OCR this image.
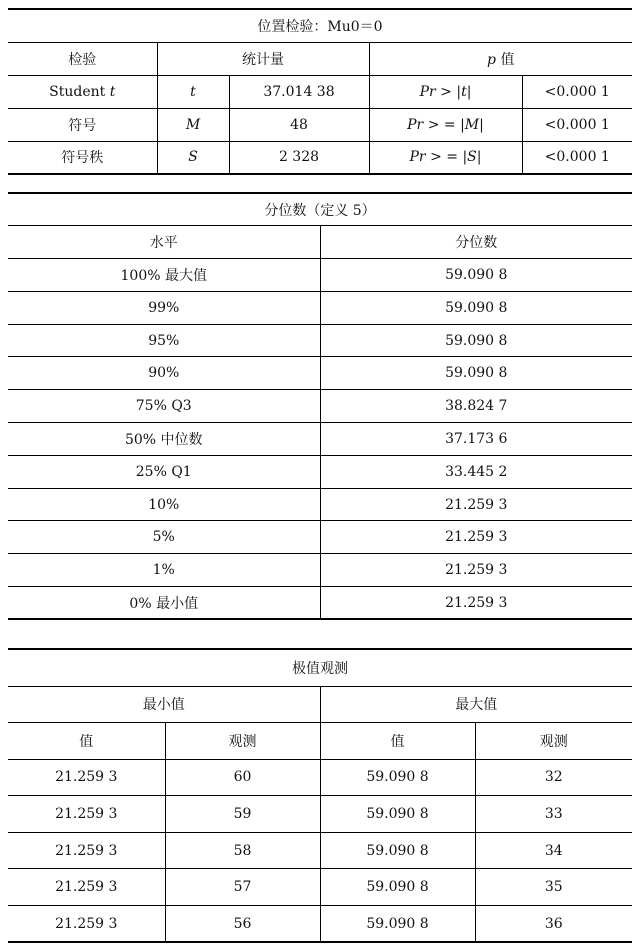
位置检验：Mu0＝0				
检验	统计量		p 值	
Student t	t	37.014 38	Pr > |t|	<0.000 1
符号	M	48	Pr > = |M|	<0.000 1
符号秩	S	2 328	Pr > = |S|	<0.000 1
分位数（定义 5）	
水平	分位数
100% 最大值	59.090 8
99%	59.090 8
95%	59.090 8
90%	59.090 8
75% Q3	38.824 7
50% 中位数	37.173 6
25% Q1	33.445 2
10%	21.259 3
5%	21.259 3
1%	21.259 3
0% 最小值	21.259 3
极值观测			
最小值		最大值	
值	观测	值	观测
21.259 3	60	59.090 8	32
21.259 3	59	59.090 8	33
21.259 3	58	59.090 8	34
21.259 3	57	59.090 8	35
21.259 3	56	59.090 8	36
